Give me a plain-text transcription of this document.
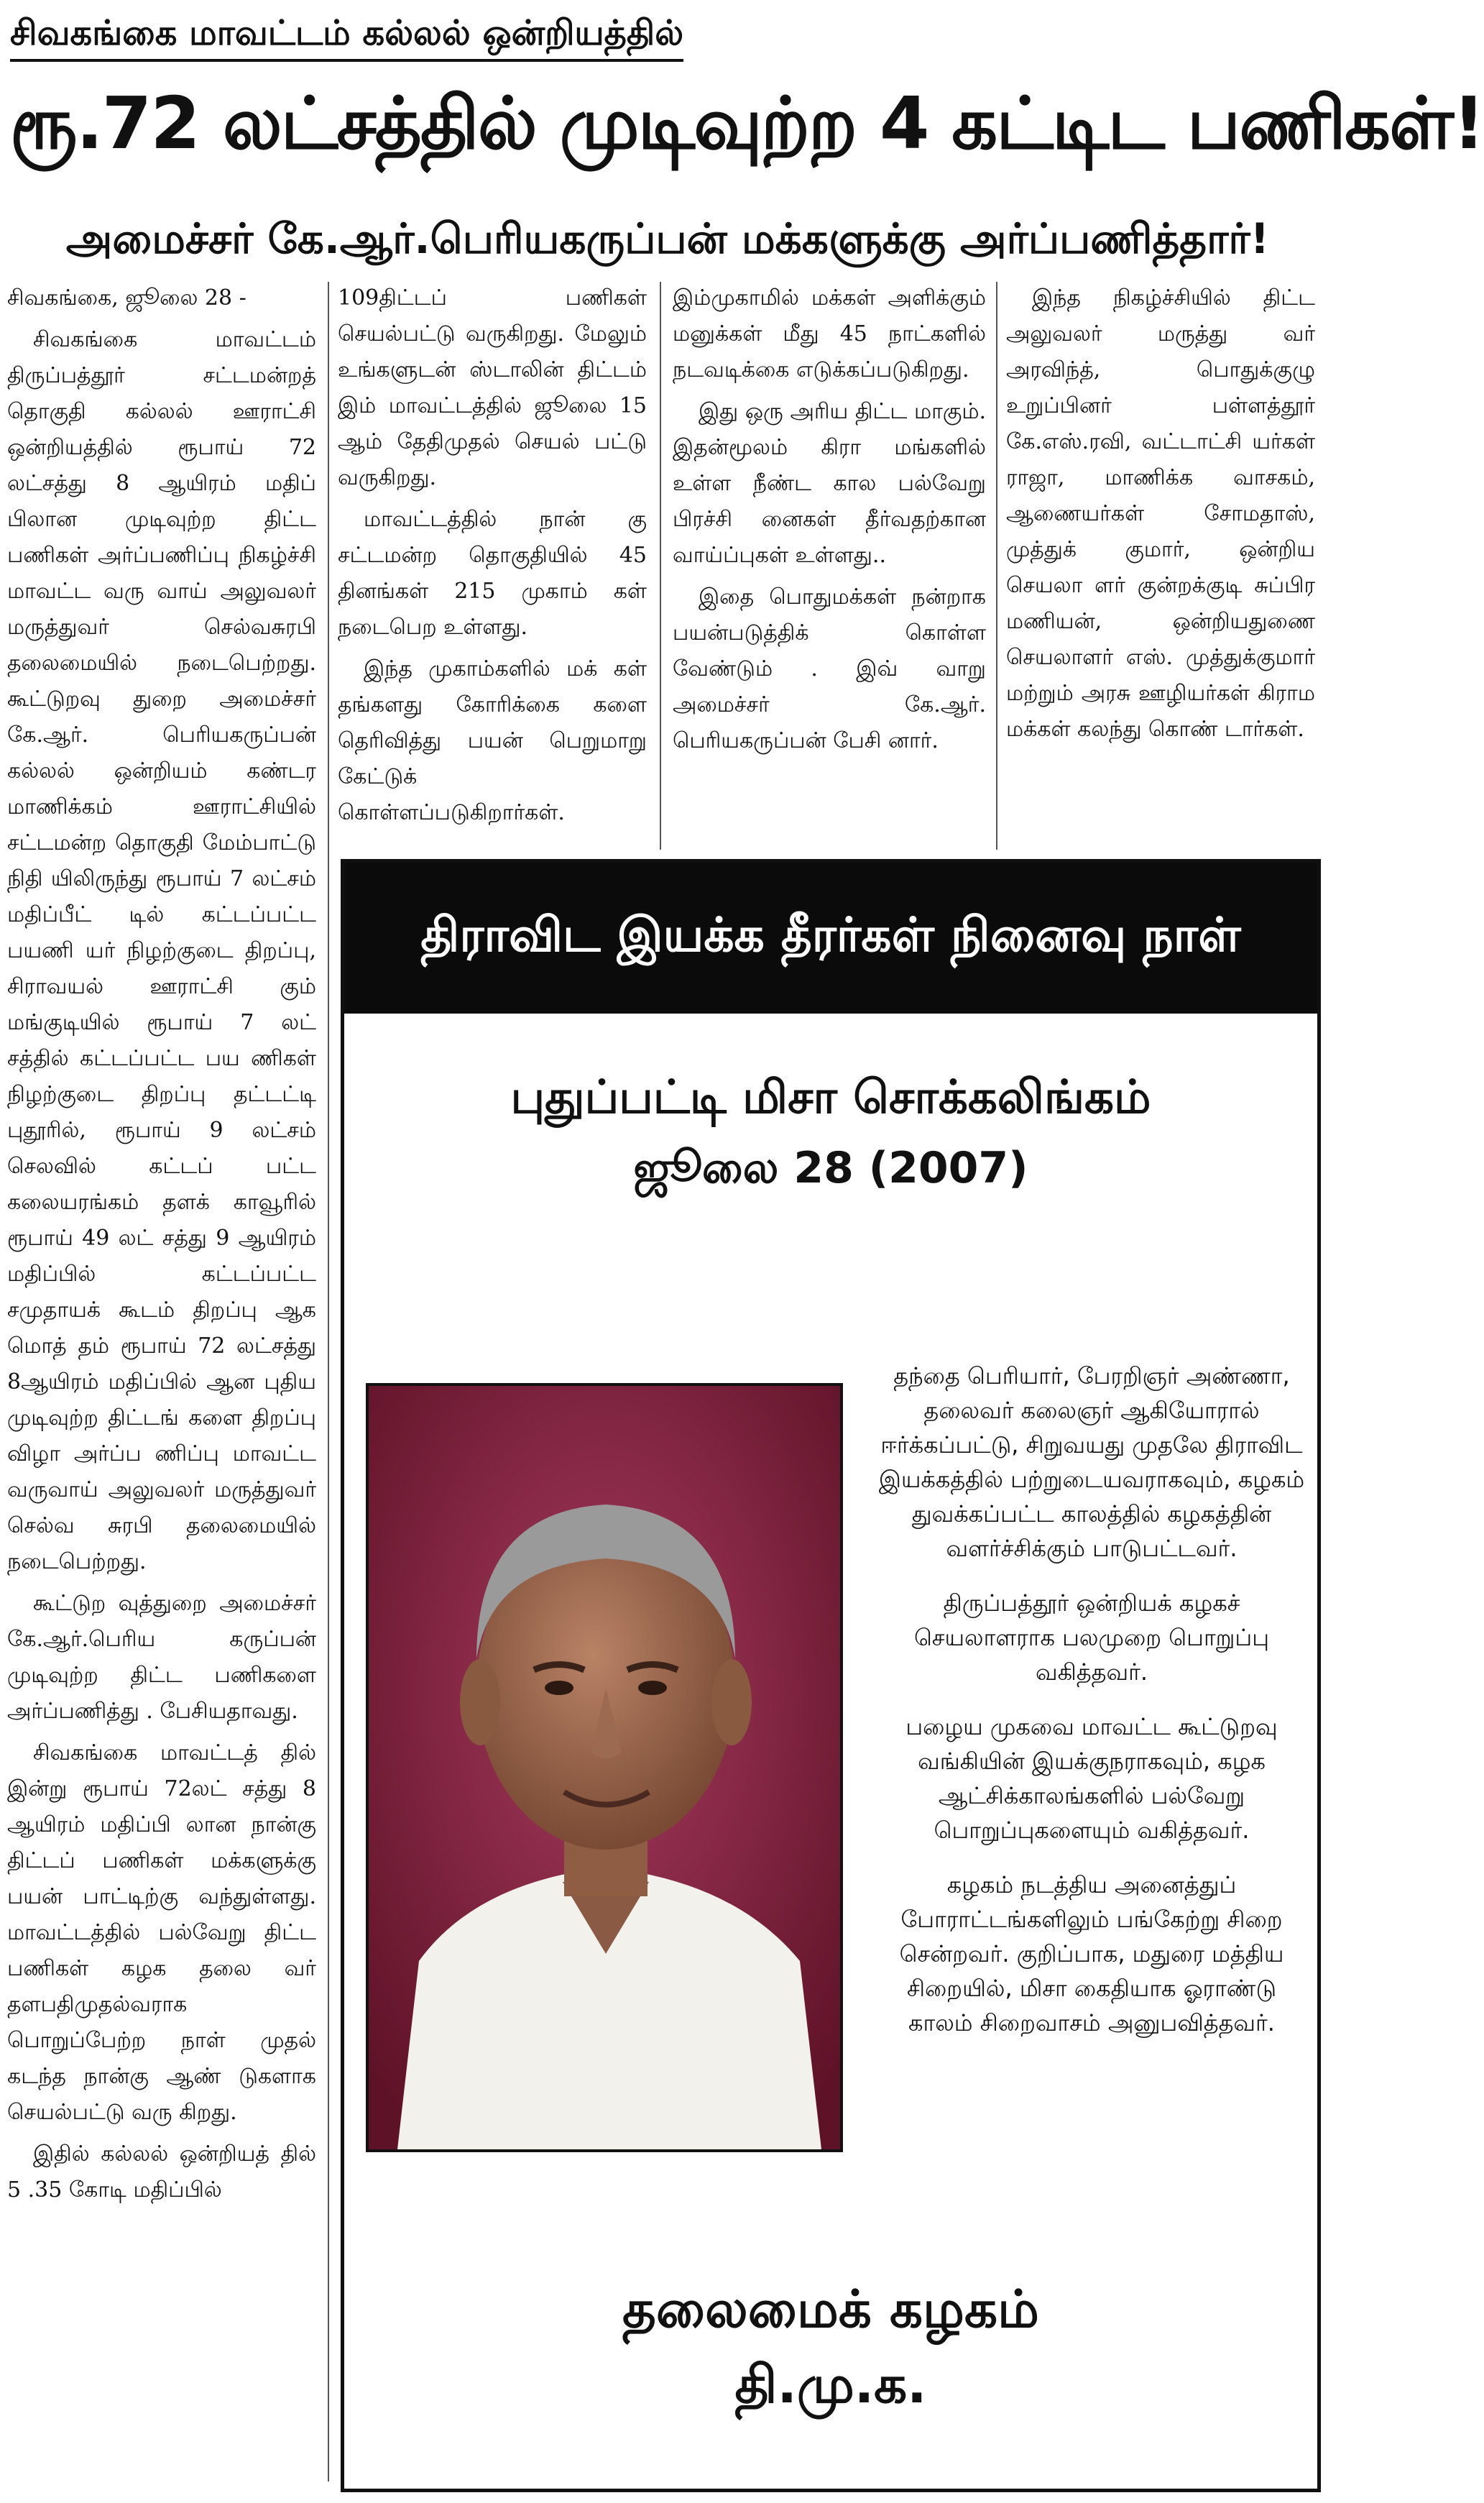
சிவகங்கை மாவட்டம் கல்லல் ஒன்றியத்தில்
ரூ.72 லட்சத்தில் முடிவுற்ற 4 கட்டிட பணிகள்!
அமைச்சர் கே.ஆர்.பெரியகருப்பன் மக்களுக்கு அர்ப்பணித்தார்!

சிவகங்கை, ஜூலை 28 -

சிவகங்கை மாவட்டம் திருப்பத்தூர் சட்டமன்றத் தொகுதி கல்லல் ஊராட்சி ஒன்றியத்தில் ரூபாய் 72 லட்சத்து 8 ஆயிரம் மதிப் பிலான முடிவுற்ற திட்ட பணிகள் அர்ப்பணிப்பு நிகழ்ச்சி மாவட்ட வரு வாய் அலுவலர் மருத்துவர் செல்வசுரபி தலைமையில் நடைபெற்றது. கூட்டுறவு துறை அமைச்சர் கே.ஆர். பெரியகருப்பன் கல்லல் ஒன்றியம் கண்டர மாணிக்கம் ஊராட்சியில் சட்டமன்ற தொகுதி மேம்பாட்டு நிதி யிலிருந்து ரூபாய் 7 லட்சம் மதிப்பீட் டில் கட்டப்பட்ட பயணி யர் நிழற்குடை திறப்பு, சிராவயல் ஊராட்சி கும் மங்குடியில் ரூபாய் 7 லட் சத்தில் கட்டப்பட்ட பய ணிகள் நிழற்குடை திறப்பு தட்டட்டி புதூரில், ரூபாய் 9 லட்சம் செலவில் கட்டப் பட்ட கலையரங்கம் தளக் காவூரில் ரூபாய் 49 லட் சத்து 9 ஆயிரம் மதிப்பில் கட்டப்பட்ட சமுதாயக் கூடம் திறப்பு ஆக மொத் தம் ரூபாய் 72 லட்சத்து 8ஆயிரம் மதிப்பில் ஆன புதிய முடிவுற்ற திட்டங் களை திறப்பு விழா அர்ப்ப ணிப்பு மாவட்ட வருவாய் அலுவலர் மருத்துவர் செல்வ சுரபி தலைமையில் நடைபெற்றது.

கூட்டுற வுத்துறை அமைச்சர் கே.ஆர்.பெரிய கருப்பன் முடிவுற்ற திட்ட பணிகளை அர்ப்பணித்து . பேசியதாவது.

சிவகங்கை மாவட்டத் தில் இன்று ரூபாய் 72லட் சத்து 8 ஆயிரம் மதிப்பி லான நான்கு திட்டப் பணிகள் மக்களுக்கு பயன் பாட்டிற்கு வந்துள்ளது. மாவட்டத்தில் பல்வேறு திட்ட பணிகள் கழக தலை வர் தளபதிமுதல்வராக பொறுப்பேற்ற நாள் முதல் கடந்த நான்கு ஆண் டுகளாக செயல்பட்டு வரு கிறது.

இதில் கல்லல் ஒன்றியத் தில் 5 .35 கோடி மதிப்பில்

109திட்டப் பணிகள் செயல்பட்டு வருகிறது. மேலும் உங்களுடன் ஸ்டாலின் திட்டம் இம் மாவட்டத்தில் ஜூலை 15 ஆம் தேதிமுதல் செயல் பட்டு வருகிறது.

மாவட்டத்தில் நான் கு சட்டமன்ற தொகுதியில் 45 தினங்கள் 215 முகாம் கள் நடைபெற உள்ளது.

இந்த முகாம்களில் மக் கள் தங்களது கோரிக்கை களை தெரிவித்து பயன் பெறுமாறு கேட்டுக் கொள்ளப்படுகிறார்கள்.

இம்முகாமில் மக்கள் அளிக்கும் மனுக்கள் மீது 45 நாட்களில் நடவடிக்கை எடுக்கப்படுகிறது.

இது ஒரு அரிய திட்ட மாகும். இதன்மூலம் கிரா மங்களில் உள்ள நீண்ட கால பல்வேறு பிரச்சி னைகள் தீர்வதற்கான வாய்ப்புகள் உள்ளது..

இதை பொதுமக்கள் நன்றாக பயன்படுத்திக் கொள்ள வேண்டும் . இவ் வாறு அமைச்சர் கே.ஆர். பெரியகருப்பன் பேசி னார்.

இந்த நிகழ்ச்சியில் திட்ட அலுவலர் மருத்து வர் அரவிந்த், பொதுக்குழு உறுப்பினர் பள்ளத்தூர் கே.எஸ்.ரவி, வட்டாட்சி யர்கள் ராஜா, மாணிக்க வாசகம், ஆணையர்கள் சோமதாஸ், முத்துக் குமார், ஒன்றிய செயலா ளர் குன்றக்குடி சுப்பிர மணியன், ஒன்றியதுணை செயலாளர் எஸ். முத்துக்குமார் மற்றும் அரசு ஊழியர்கள் கிராம மக்கள் கலந்து கொண் டார்கள்.

திராவிட இயக்க தீரர்கள் நினைவு நாள்
புதுப்பட்டி மிசா சொக்கலிங்கம்
ஜூலை 28 (2007)

தந்தை பெரியார், பேரறிஞர் அண்ணா, தலைவர் கலைஞர் ஆகியோரால் ஈர்க்கப்பட்டு, சிறுவயது முதலே திராவிட இயக்கத்தில் பற்றுடையவராகவும், கழகம் துவக்கப்பட்ட காலத்தில் கழகத்தின் வளர்ச்சிக்கும் பாடுபட்டவர்.

திருப்பத்தூர் ஒன்றியக் கழகச் செயலாளராக பலமுறை பொறுப்பு வகித்தவர்.

பழைய முகவை மாவட்ட கூட்டுறவு வங்கியின் இயக்குநராகவும், கழக ஆட்சிக்காலங்களில் பல்வேறு பொறுப்புகளையும் வகித்தவர்.

கழகம் நடத்திய அனைத்துப் போராட்டங்களிலும் பங்கேற்று சிறை சென்றவர். குறிப்பாக, மதுரை மத்திய சிறையில், மிசா கைதியாக ஓராண்டு காலம் சிறைவாசம் அனுபவித்தவர்.

தலைமைக் கழகம்
தி.மு.க.
